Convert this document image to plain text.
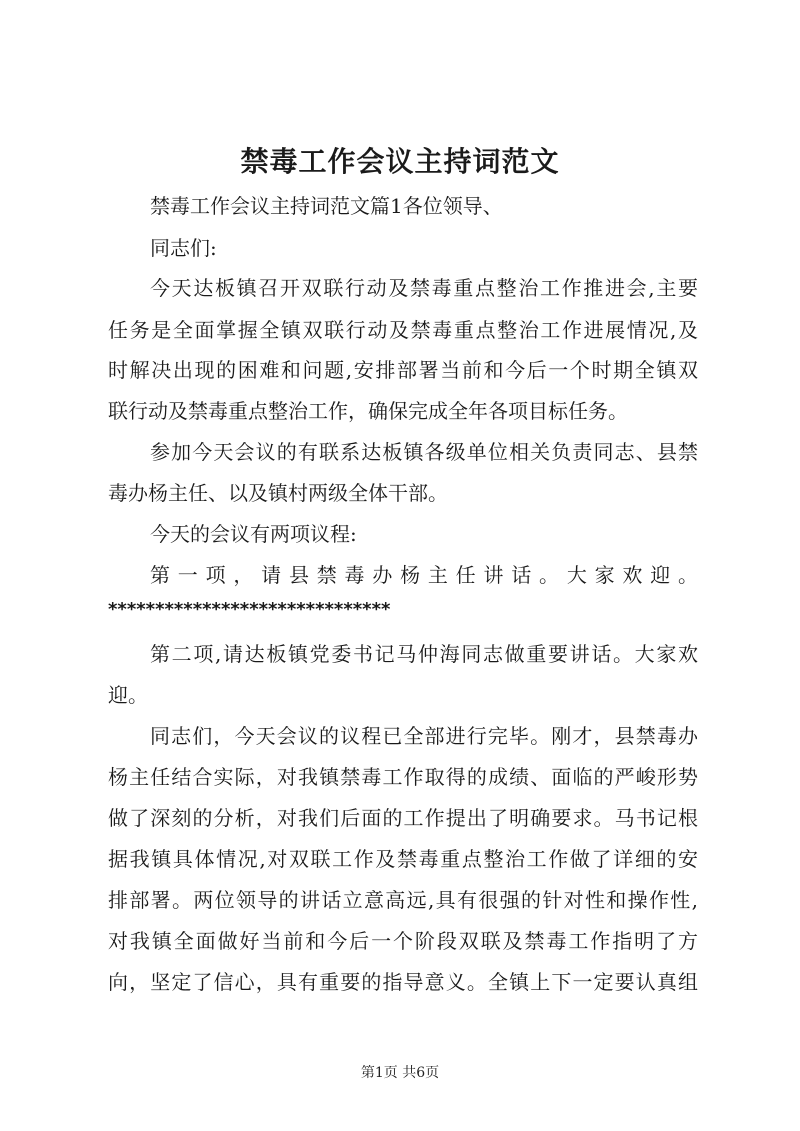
禁毒工作会议主持词范文
禁毒工作会议主持词范文篇1各位领导、
同志们:
今天达板镇召开双联行动及禁毒重点整治工作推进会,主要
任务是全面掌握全镇双联行动及禁毒重点整治工作进展情况,及
时解决出现的困难和问题,安排部署当前和今后一个时期全镇双
联行动及禁毒重点整治工作，确保完成全年各项目标任务。
参加今天会议的有联系达板镇各级单位相关负责同志、县禁
毒办杨主任、以及镇村两级全体干部。
今天的会议有两项议程:
第一项，请县禁毒办杨主任讲话。大家欢迎。
******************************
第二项,请达板镇党委书记马仲海同志做重要讲话。大家欢
迎。
同志们，今天会议的议程已全部进行完毕。刚才，县禁毒办
杨主任结合实际，对我镇禁毒工作取得的成绩、面临的严峻形势
做了深刻的分析，对我们后面的工作提出了明确要求。马书记根
据我镇具体情况,对双联工作及禁毒重点整治工作做了详细的安
排部署。两位领导的讲话立意高远,具有很强的针对性和操作性,
对我镇全面做好当前和今后一个阶段双联及禁毒工作指明了方
向，坚定了信心，具有重要的指导意义。全镇上下一定要认真组
第1页 共6页
